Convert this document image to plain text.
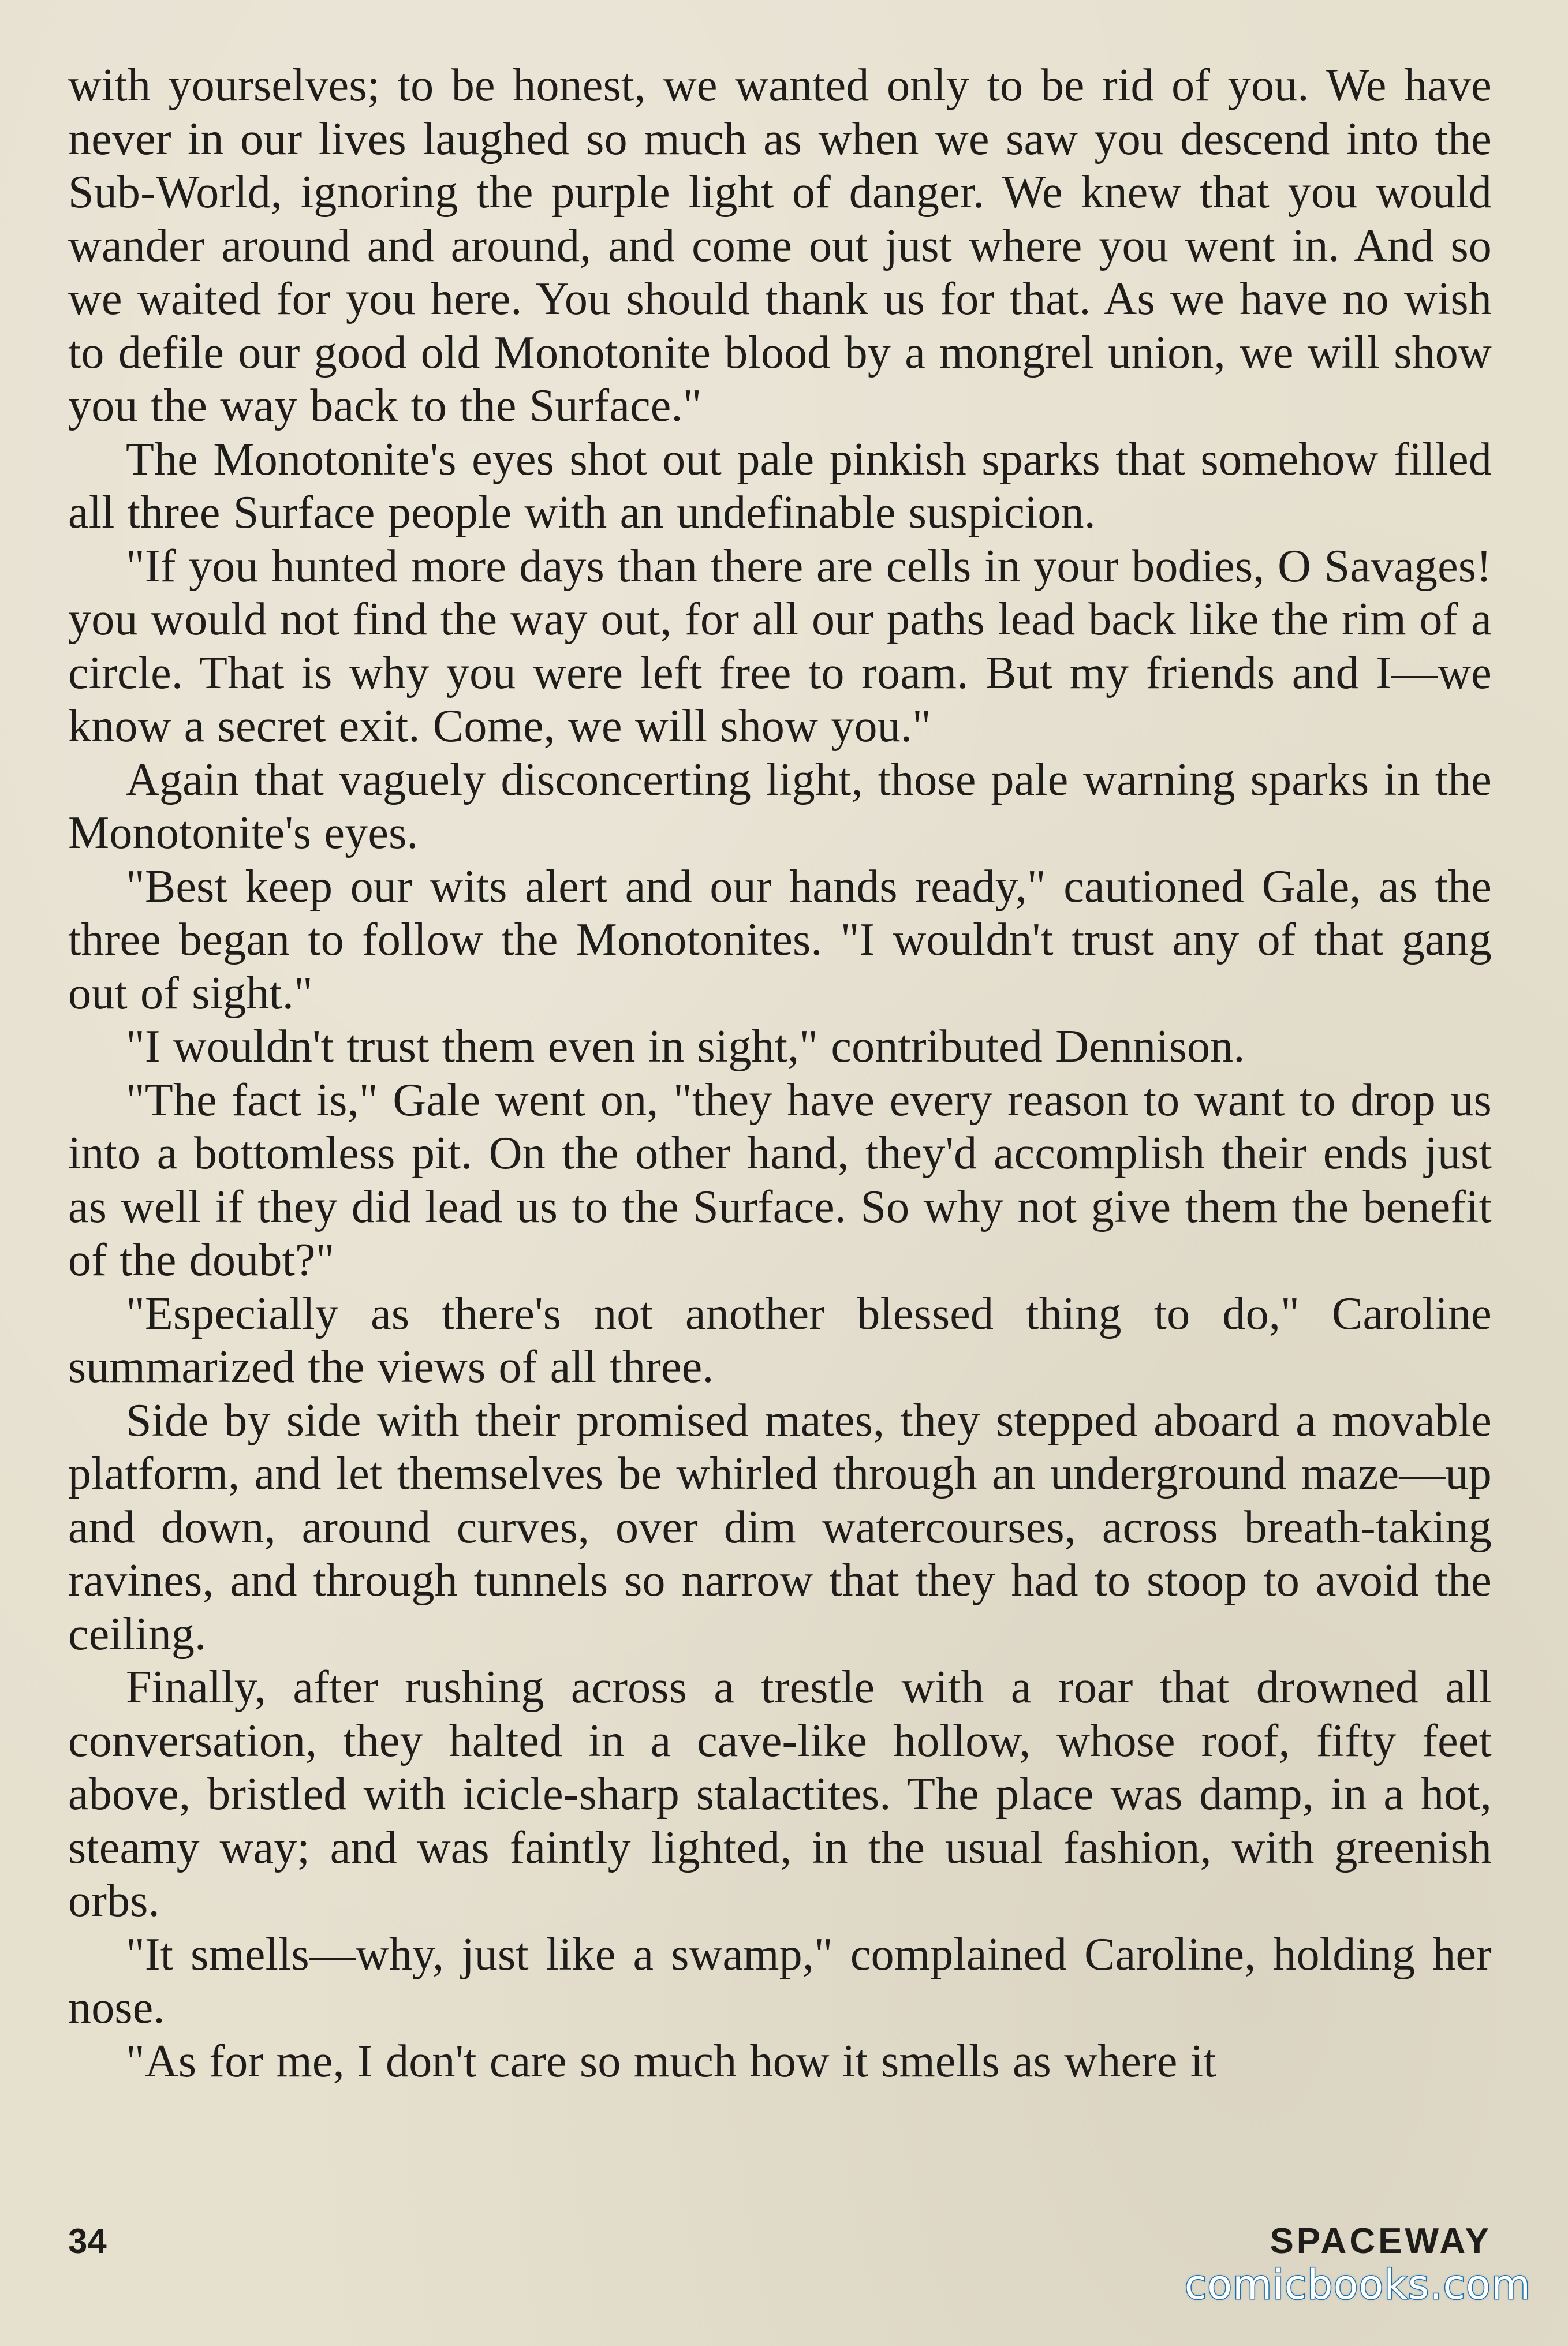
with yourselves; to be honest, we wanted only to be rid of you. We have never in our lives laughed so much as when we saw you descend into the Sub-World, ignoring the purple light of danger. We knew that you would wander around and around, and come out just where you went in. And so we waited for you here. You should thank us for that. As we have no wish to defile our good old Monotonite blood by a mongrel union, we will show you the way back to the Surface."

The Monotonite's eyes shot out pale pinkish sparks that somehow filled all three Surface people with an undefinable suspicion.

"If you hunted more days than there are cells in your bodies, O Savages! you would not find the way out, for all our paths lead back like the rim of a circle. That is why you were left free to roam. But my friends and I—we know a secret exit. Come, we will show you."

Again that vaguely disconcerting light, those pale warning sparks in the Monotonite's eyes.

"Best keep our wits alert and our hands ready," cautioned Gale, as the three began to follow the Monotonites. "I wouldn't trust any of that gang out of sight."

"I wouldn't trust them even in sight," contributed Dennison.

"The fact is," Gale went on, "they have every reason to want to drop us into a bottomless pit. On the other hand, they'd accomplish their ends just as well if they did lead us to the Surface. So why not give them the benefit of the doubt?"

"Especially as there's not another blessed thing to do," Caroline summarized the views of all three.

Side by side with their promised mates, they stepped aboard a movable platform, and let themselves be whirled through an underground maze—up and down, around curves, over dim watercourses, across breath-taking ravines, and through tunnels so narrow that they had to stoop to avoid the ceiling.

Finally, after rushing across a trestle with a roar that drowned all conversation, they halted in a cave-like hollow, whose roof, fifty feet above, bristled with icicle-sharp stalactites. The place was damp, in a hot, steamy way; and was faintly lighted, in the usual fashion, with greenish orbs.

"It smells—why, just like a swamp," complained Caroline, holding her nose.

"As for me, I don't care so much how it smells as where it

34	SPACEWAY
comicbooks.com
